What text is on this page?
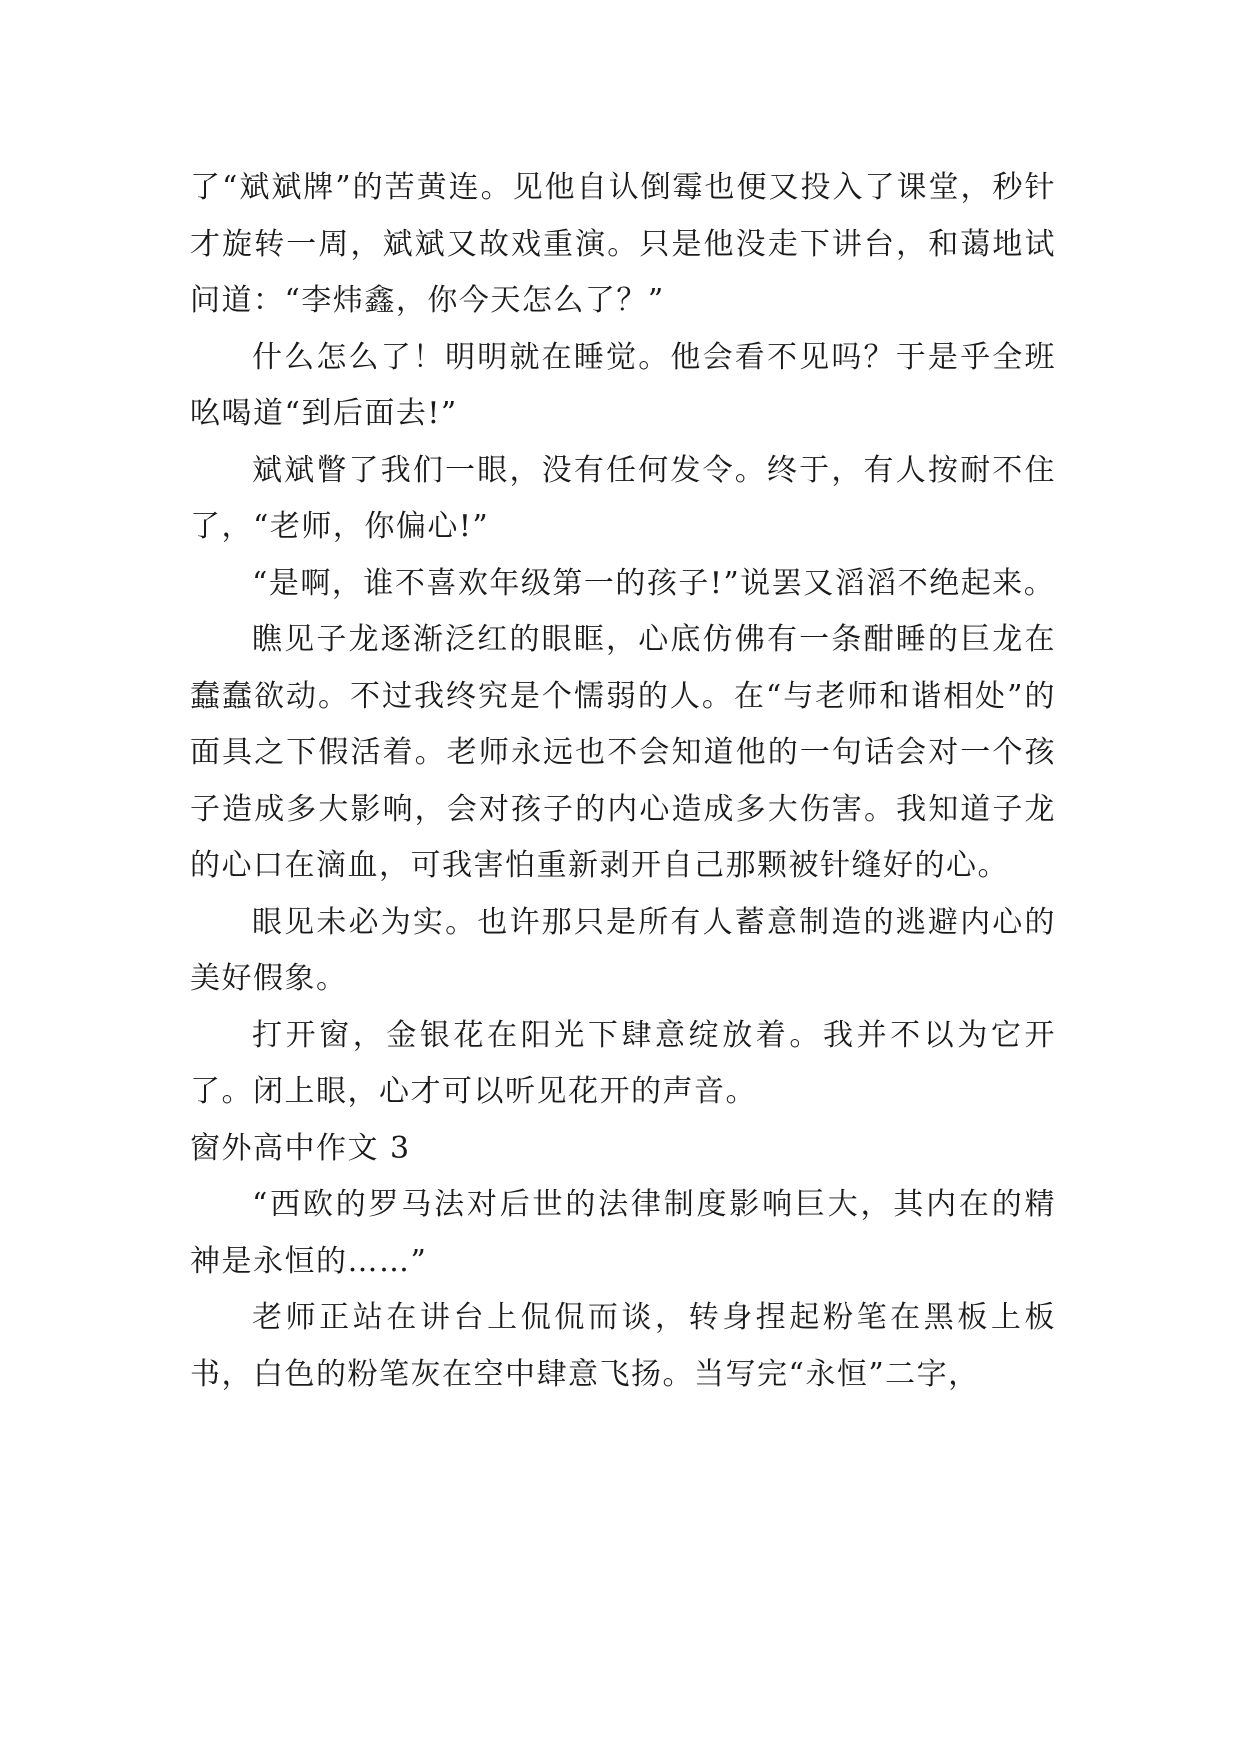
了“斌斌牌”的苦黄连。见他自认倒霉也便又投入了课堂，秒针才旋转一周，斌斌又故戏重演。只是他没走下讲台，和蔼地试问道：“李炜鑫，你今天怎么了？”

什么怎么了！明明就在睡觉。他会看不见吗？于是乎全班吆喝道“到后面去!”

斌斌瞥了我们一眼，没有任何发令。终于，有人按耐不住了，“老师，你偏心!”

“是啊，谁不喜欢年级第一的孩子!”说罢又滔滔不绝起来。

瞧见子龙逐渐泛红的眼眶，心底仿佛有一条酣睡的巨龙在蠢蠢欲动。不过我终究是个懦弱的人。在“与老师和谐相处”的面具之下假活着。老师永远也不会知道他的一句话会对一个孩子造成多大影响，会对孩子的内心造成多大伤害。我知道子龙的心口在滴血，可我害怕重新剥开自己那颗被针缝好的心。

眼见未必为实。也许那只是所有人蓄意制造的逃避内心的美好假象。

打开窗，金银花在阳光下肆意绽放着。我并不以为它开了。闭上眼，心才可以听见花开的声音。

窗外高中作文 3

“西欧的罗马法对后世的法律制度影响巨大，其内在的精神是永恒的……”

老师正站在讲台上侃侃而谈，转身捏起粉笔在黑板上板书，白色的粉笔灰在空中肆意飞扬。当写完“永恒”二字，
